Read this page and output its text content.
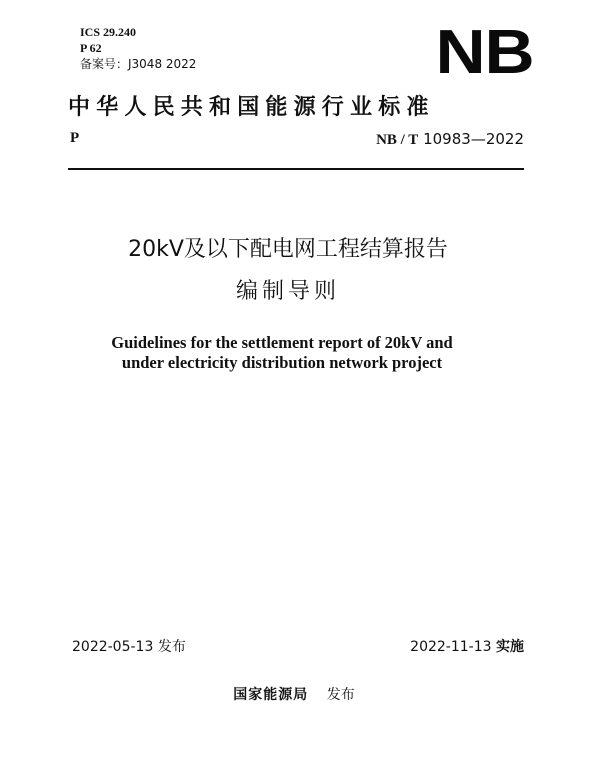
ICS 29.240
P 62
备案号：J3048 2022	NB
中华人民共和国能源行业标准
P	NB / T 10983—2022
20kV及以下配电网工程结算报告
编制导则
Guidelines for the settlement report of 20kV and
under electricity distribution network project
2022-05-13 发布	2022-11-13 实施
国家能源局 发布
